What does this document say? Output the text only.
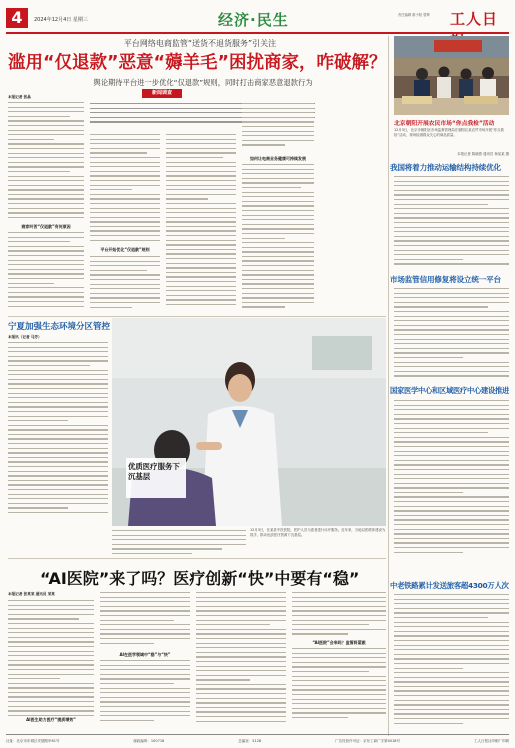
4	2024年12月4日 星期三	经济·民生	责任编辑 路小阳 曾辉	工人日
平台网络电商监管“送货不退货服务”引关注
滥用“仅退款”恶意“薅羊毛”困扰商家，咋破解？
舆论期待平台进一步优化“仅退款”规则，同时打击商家恶意退款行为
本报记者 张晶
商家叫苦“仅退款”有何原因
新闻调查
平台开始优化“仅退款”规则
如何让电商业务健康可持续发展
北京朝阳开展农民市场“你点我检”活动
12月3日，北京市朝阳区市场监督管理局在朝阳区某农贸市场开展“你点我检”活动，现场检测群众关心的商品质量。
本报记者 陈晓燕 通讯员 杨某某 摄
我国将着力推动运输结构持续优化
市场监管信用修复将设立统一平台
国家医学中心和区域医疗中心建设推进
中老铁路累计发送旅客超4300万人次
宁夏加强生态环境分区管控
本报讯（记者 马芳）
优质医疗服务下沉基层
12月3日，在某县中医医院，医护人员为患者进行诊疗服务。近年来，当地以医联体建设为抓手，推动优质医疗资源下沉基层。
“AI医院”来了吗？医疗创新“快”中要有“稳”
本报记者 张某某 通讯员 某某
AI医生助力医疗“提质增效”
AI在医学领域中“稳”与“快”
“AI医院”会来吗？监管将紧跟
社址：北京市东城区安德路甲61号	邮政编码：100718	总编室：5128	广告经营许可证：京东工商广字第0018号	工人日报社印刷厂印刷
